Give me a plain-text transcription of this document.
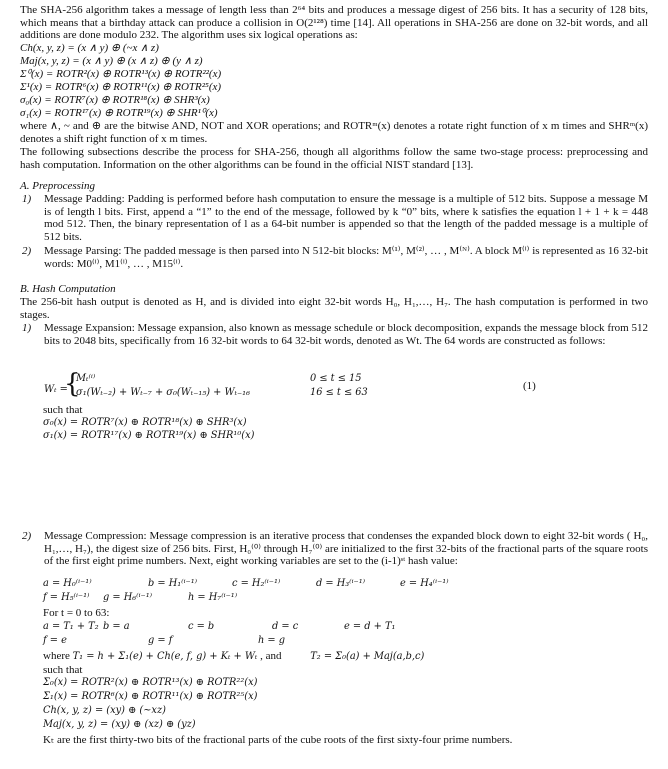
The SHA-256 algorithm takes a message of length less than 2⁶⁴ bits and produces a message digest of 256 bits. It has a security of 128 bits, which means that a birthday attack can produce a collision in O(2¹²⁸) time [14]. All operations in SHA-256 are done on 32-bit words, and all additions are done modulo 232. The algorithm uses six logical operations as:
Ch(x, y, z) = (x ∧ y) ⊕ (~x ∧ z)
Maj(x, y, z) = (x ∧ y) ⊕ (x ∧ z) ⊕ (y ∧ z)
Σ⁰(x) = ROTR²(x) ⊕ ROTR¹³(x) ⊕ ROTR²²(x)
Σ¹(x) = ROTR⁶(x) ⊕ ROTR¹¹(x) ⊕ ROTR²⁵(x)
σ₀(x) = ROTR⁷(x) ⊕ ROTR¹⁸(x) ⊕ SHR³(x)
σ₁(x) = ROTR¹⁷(x) ⊕ ROTR¹⁹(x) ⊕ SHR¹⁰(x)
where ∧, ~ and ⊕ are the bitwise AND, NOT and XOR operations; and ROTRᵐ(x) denotes a rotate right function of x m times and SHRᵐ(x) denotes a shift right function of x m times.
The following subsections describe the process for SHA-256, though all algorithms follow the same two-stage process: preprocessing and hash computation. Information on the other algorithms can be found in the official NIST standard [13].
A. Preprocessing
1) Message Padding: Padding is performed before hash computation to ensure the message is a multiple of 512 bits. Suppose a message M is of length l bits. First, append a “1” to the end of the message, followed by k “0” bits, where k satisfies the equation l + 1 + k = 448 mod 512. Then, the binary representation of l as a 64-bit number is appended so that the length of the padded message is a multiple of 512 bits.
2) Message Parsing: The padded message is then parsed into N 512-bit blocks: M⁽¹⁾, M⁽²⁾, … , M⁽ᴺ⁾. A block M⁽ⁱ⁾ is represented as 16 32-bit words: M0⁽ⁱ⁾, M1⁽ⁱ⁾, … , M15⁽ⁱ⁾.
B. Hash Computation
The 256-bit hash output is denoted as H, and is divided into eight 32-bit words H₀, H₁,…, H₇. The hash computation is performed in two stages.
1) Message Expansion: Message expansion, also known as message schedule or block decomposition, expands the message block from 512 bits to 2048 bits, specifically from 16 32-bit words to 64 32-bit words, denoted as Wt. The 64 words are constructed as follows:
Wₜ =
{
Mₜ⁽ⁱ⁾
σ₁(Wₜ₋₂) + Wₜ₋₇ + σ₀(Wₜ₋₁₅) + Wₜ₋₁₆
0 ≤ t ≤ 15
16 ≤ t ≤ 63
(1)
such that
σ₀(x) = ROTR⁷(x) ⊕ ROTR¹⁸(x) ⊕ SHR³(x)
σ₁(x) = ROTR¹⁷(x) ⊕ ROTR¹⁹(x) ⊕ SHR¹⁰(x)
2) Message Compression: Message compression is an iterative process that condenses the expanded block down to eight 32-bit words ( H₀, H₁,…, H₇), the digest size of 256 bits. First, H₀⁽⁰⁾ through H₇⁽⁰⁾ are initialized to the first 32-bits of the fractional parts of the square roots of the first eight prime numbers. Next, eight working variables are set to the (i-1)ˢᵗ hash value:
a = H₀⁽ⁱ⁻¹⁾	b = H₁⁽ⁱ⁻¹⁾	c = H₂⁽ⁱ⁻¹⁾	d = H₃⁽ⁱ⁻¹⁾	e = H₄⁽ⁱ⁻¹⁾
f = H₅⁽ⁱ⁻¹⁾ g = H₆⁽ⁱ⁻¹⁾	h = H₇⁽ⁱ⁻¹⁾
For t = 0 to 63:
a = T₁ + T₂ b = a	c = b	d = c	e = d + T₁
f = e	g = f	h = g
where T₁ = h + Σ₁(e) + Ch(e, f, g) + Kₜ + Wₜ , and	T₂ = Σ₀(a) + Maj(a,b,c)
such that
Σ₀(x) = ROTR²(x) ⊕ ROTR¹³(x) ⊕ ROTR²²(x)
Σ₁(x) = ROTR⁶(x) ⊕ ROTR¹¹(x) ⊕ ROTR²⁵(x)
Ch(x, y, z) = (xy) ⊕ (~xz)
Maj(x, y, z) = (xy) ⊕ (xz) ⊕ (yz)
Kₜ are the first thirty-two bits of the fractional parts of the cube roots of the first sixty-four prime numbers.
